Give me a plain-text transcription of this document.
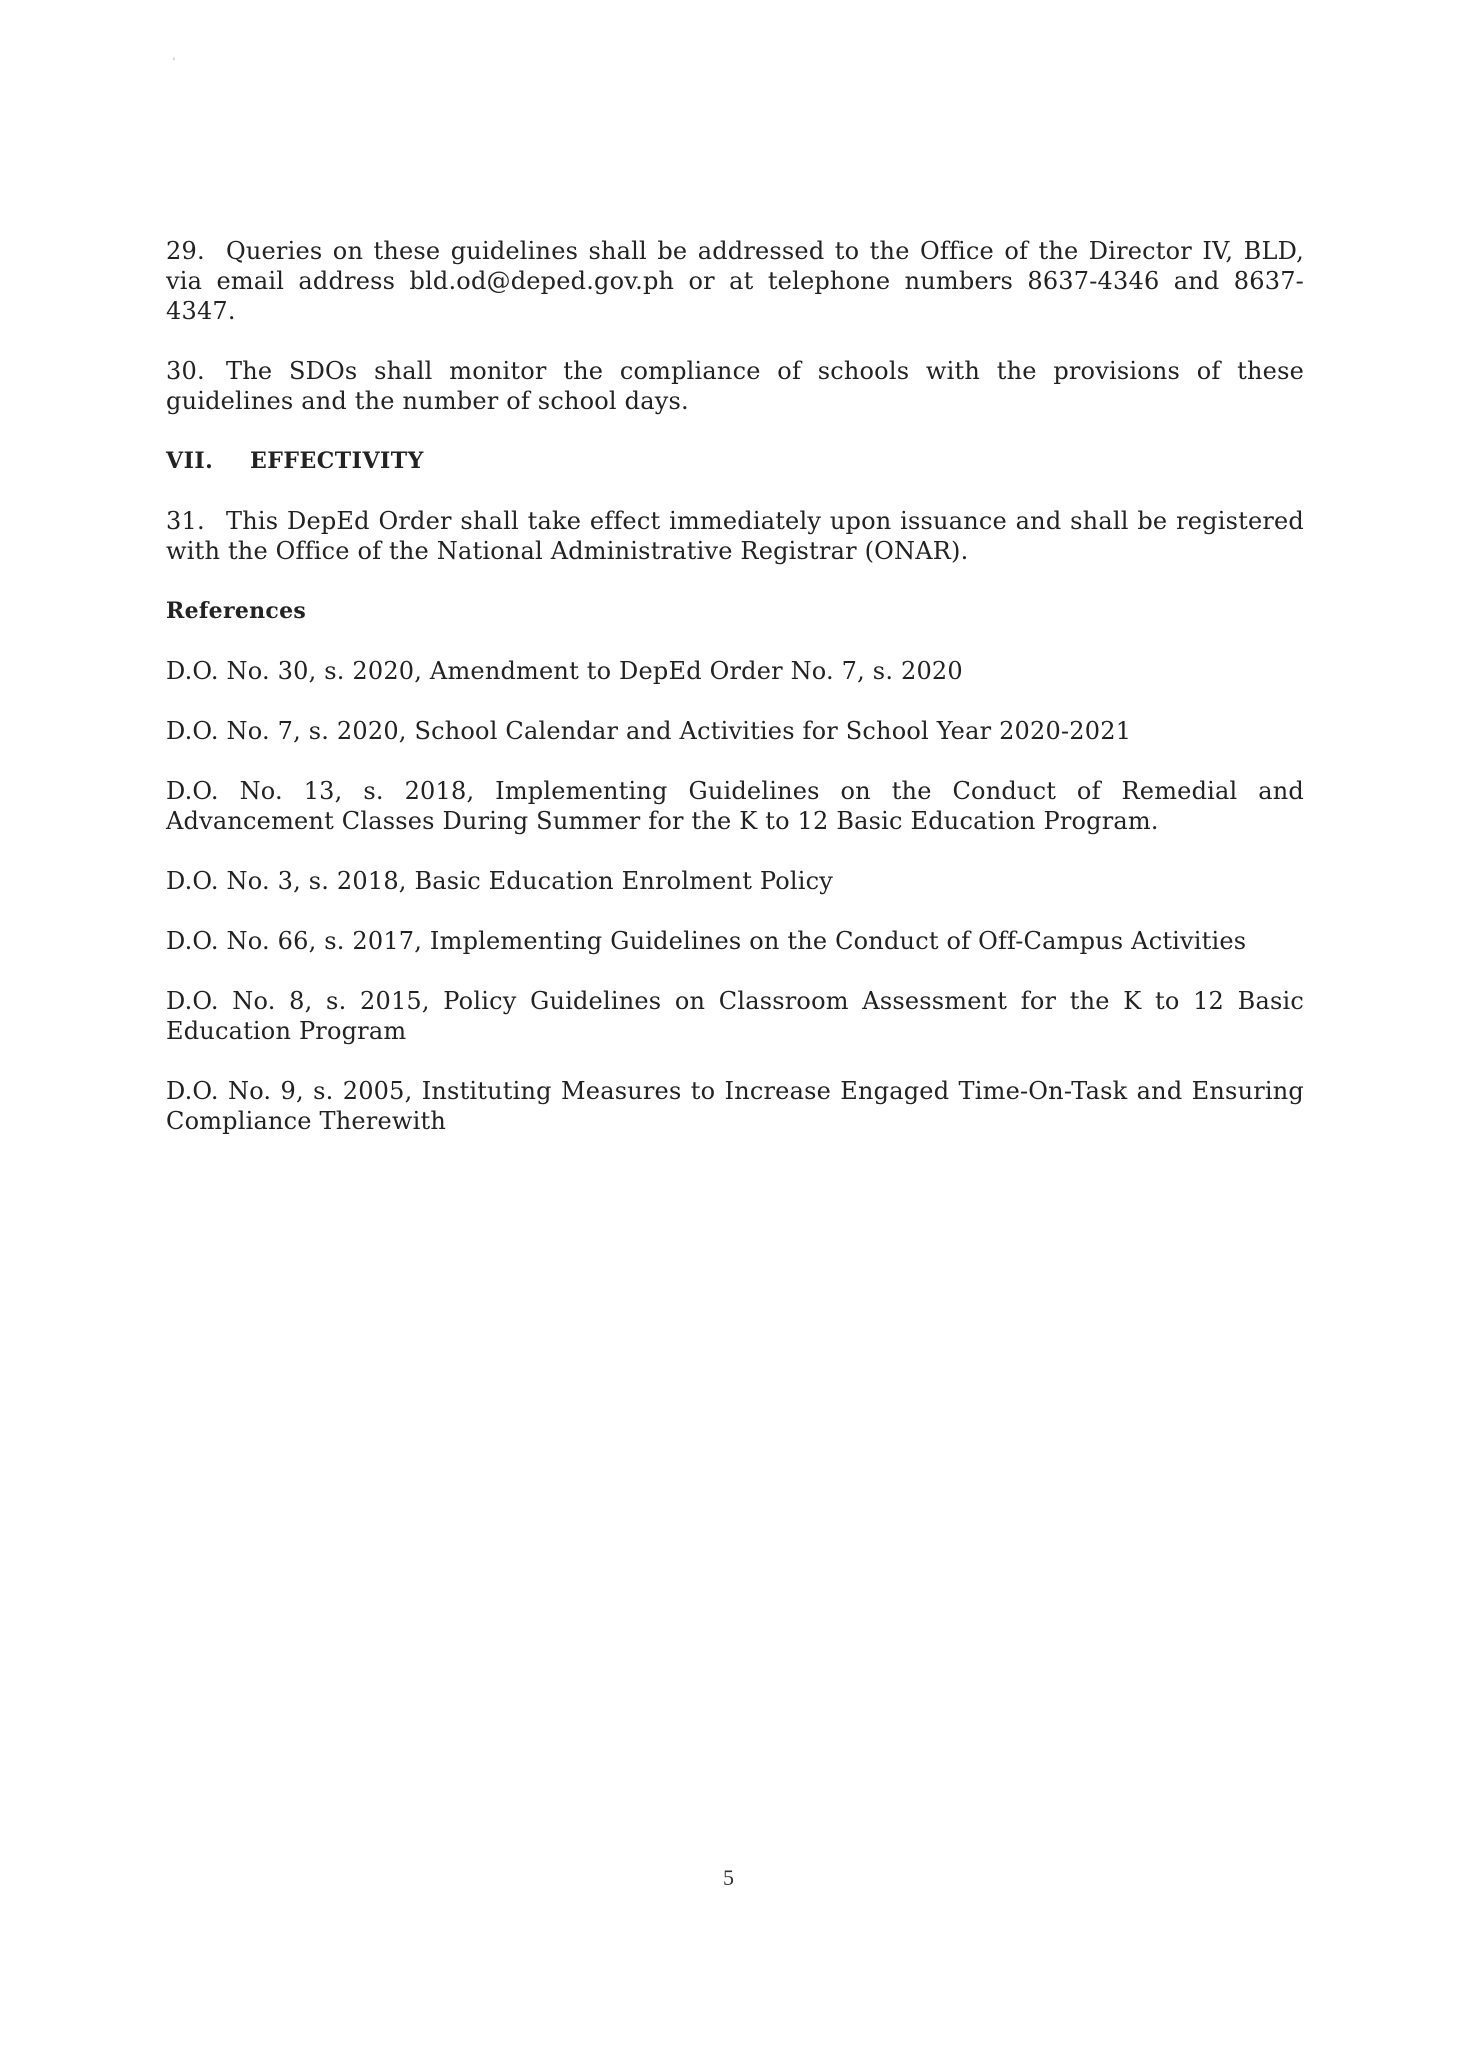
‘

29. Queries on these guidelines shall be addressed to the Office of the Director IV, BLD, via email address bld.od@deped.gov.ph or at telephone numbers 8637-4346 and 8637-4347.

30. The SDOs shall monitor the compliance of schools with the provisions of these guidelines and the number of school days.

VII. EFFECTIVITY

31. This DepEd Order shall take effect immediately upon issuance and shall be registered with the Office of the National Administrative Registrar (ONAR).

References
D.O. No. 30, s. 2020, Amendment to DepEd Order No. 7, s. 2020
D.O. No. 7, s. 2020, School Calendar and Activities for School Year 2020-2021
D.O. No. 13, s. 2018, Implementing Guidelines on the Conduct of Remedial and Advancement Classes During Summer for the K to 12 Basic Education Program.
D.O. No. 3, s. 2018, Basic Education Enrolment Policy
D.O. No. 66, s. 2017, Implementing Guidelines on the Conduct of Off-Campus Activities
D.O. No. 8, s. 2015, Policy Guidelines on Classroom Assessment for the K to 12 Basic Education Program
D.O. No. 9, s. 2005, Instituting Measures to Increase Engaged Time-On-Task and Ensuring Compliance Therewith
5
